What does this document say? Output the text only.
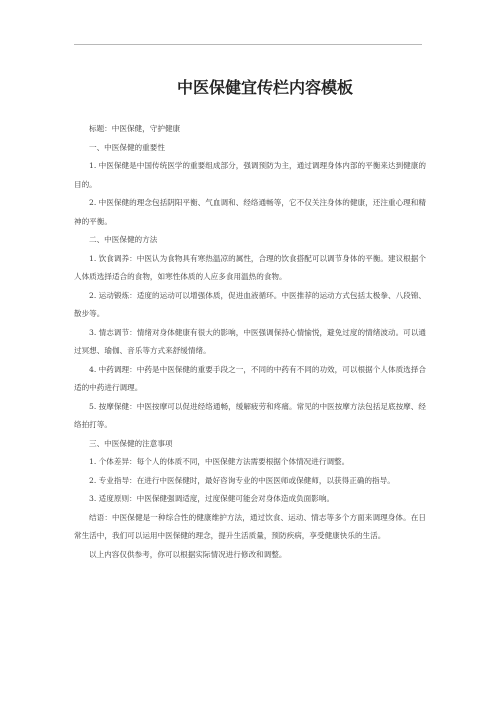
中医保健宜传栏内容模板

标题：中医保健，守护健康

一、中医保健的重要性

1. 中医保健是中国传统医学的重要组成部分，强调预防为主，通过调理身体内部的平衡来达到健康的目的。

2. 中医保健的理念包括阴阳平衡、气血调和、经络通畅等，它不仅关注身体的健康，还注重心理和精神的平衡。

二、中医保健的方法

1. 饮食调养：中医认为食物具有寒热温凉的属性，合理的饮食搭配可以调节身体的平衡。建议根据个人体质选择适合的食物，如寒性体质的人应多食用温热的食物。

2. 运动锻炼：适度的运动可以增强体质，促进血液循环。中医推荐的运动方式包括太极拳、八段锦、散步等。

3. 情志调节：情绪对身体健康有很大的影响，中医强调保持心情愉悦，避免过度的情绪波动。可以通过冥想、瑜伽、音乐等方式来舒缓情绪。

4. 中药调理：中药是中医保健的重要手段之一，不同的中药有不同的功效，可以根据个人体质选择合适的中药进行调理。

5. 按摩保健：中医按摩可以促进经络通畅，缓解疲劳和疼痛。常见的中医按摩方法包括足底按摩、经络拍打等。

三、中医保健的注意事项

1. 个体差异：每个人的体质不同，中医保健方法需要根据个体情况进行调整。

2. 专业指导：在进行中医保健时，最好咨询专业的中医医师或保健师，以获得正确的指导。

3. 适度原则：中医保健强调适度，过度保健可能会对身体造成负面影响。

结语：中医保健是一种综合性的健康维护方法，通过饮食、运动、情志等多个方面来调理身体。在日常生活中，我们可以运用中医保健的理念，提升生活质量，预防疾病，享受健康快乐的生活。

以上内容仅供参考，你可以根据实际情况进行修改和调整。
